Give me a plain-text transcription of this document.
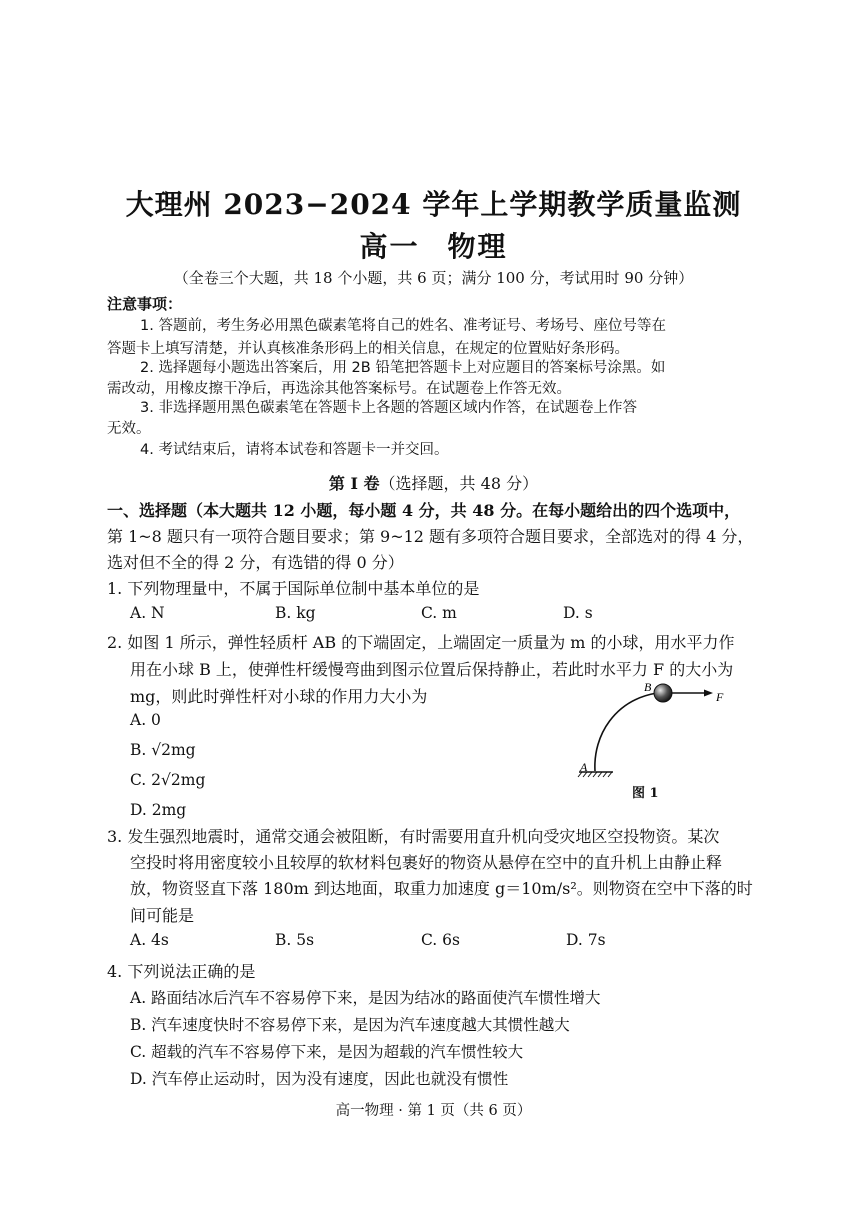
大理州 2023−2024 学年上学期教学质量监测
高一 物理
（全卷三个大题，共 18 个小题，共 6 页；满分 100 分，考试用时 90 分钟）
注意事项：
1. 答题前，考生务必用黑色碳素笔将自己的姓名、准考证号、考场号、座位号等在
答题卡上填写清楚，并认真核准条形码上的相关信息，在规定的位置贴好条形码。
2. 选择题每小题选出答案后，用 2B 铅笔把答题卡上对应题目的答案标号涂黑。如
需改动，用橡皮擦干净后，再选涂其他答案标号。在试题卷上作答无效。
3. 非选择题用黑色碳素笔在答题卡上各题的答题区域内作答，在试题卷上作答
无效。
4. 考试结束后，请将本试卷和答题卡一并交回。
第 I 卷（选择题，共 48 分）
一、选择题（本大题共 12 小题，每小题 4 分，共 48 分。在每小题给出的四个选项中，
第 1~8 题只有一项符合题目要求；第 9~12 题有多项符合题目要求，全部选对的得 4 分，
选对但不全的得 2 分，有选错的得 0 分）
1. 下列物理量中，不属于国际单位制中基本单位的是
A. N	B. kg	C. m	D. s
2. 如图 1 所示，弹性轻质杆 AB 的下端固定，上端固定一质量为 m 的小球，用水平力作
用在小球 B 上，使弹性杆缓慢弯曲到图示位置后保持静止，若此时水平力 F 的大小为
mg，则此时弹性杆对小球的作用力大小为
A. 0
B. √2mg
C. 2√2mg
D. 2mg
B
F
A
图 1
3. 发生强烈地震时，通常交通会被阻断，有时需要用直升机向受灾地区空投物资。某次
空投时将用密度较小且较厚的软材料包裹好的物资从悬停在空中的直升机上由静止释
放，物资竖直下落 180m 到达地面，取重力加速度 g＝10m/s²。则物资在空中下落的时
间可能是
A. 4s	B. 5s	C. 6s	D. 7s
4. 下列说法正确的是
A. 路面结冰后汽车不容易停下来，是因为结冰的路面使汽车惯性增大
B. 汽车速度快时不容易停下来，是因为汽车速度越大其惯性越大
C. 超载的汽车不容易停下来，是因为超载的汽车惯性较大
D. 汽车停止运动时，因为没有速度，因此也就没有惯性
高一物理 · 第 1 页（共 6 页）
